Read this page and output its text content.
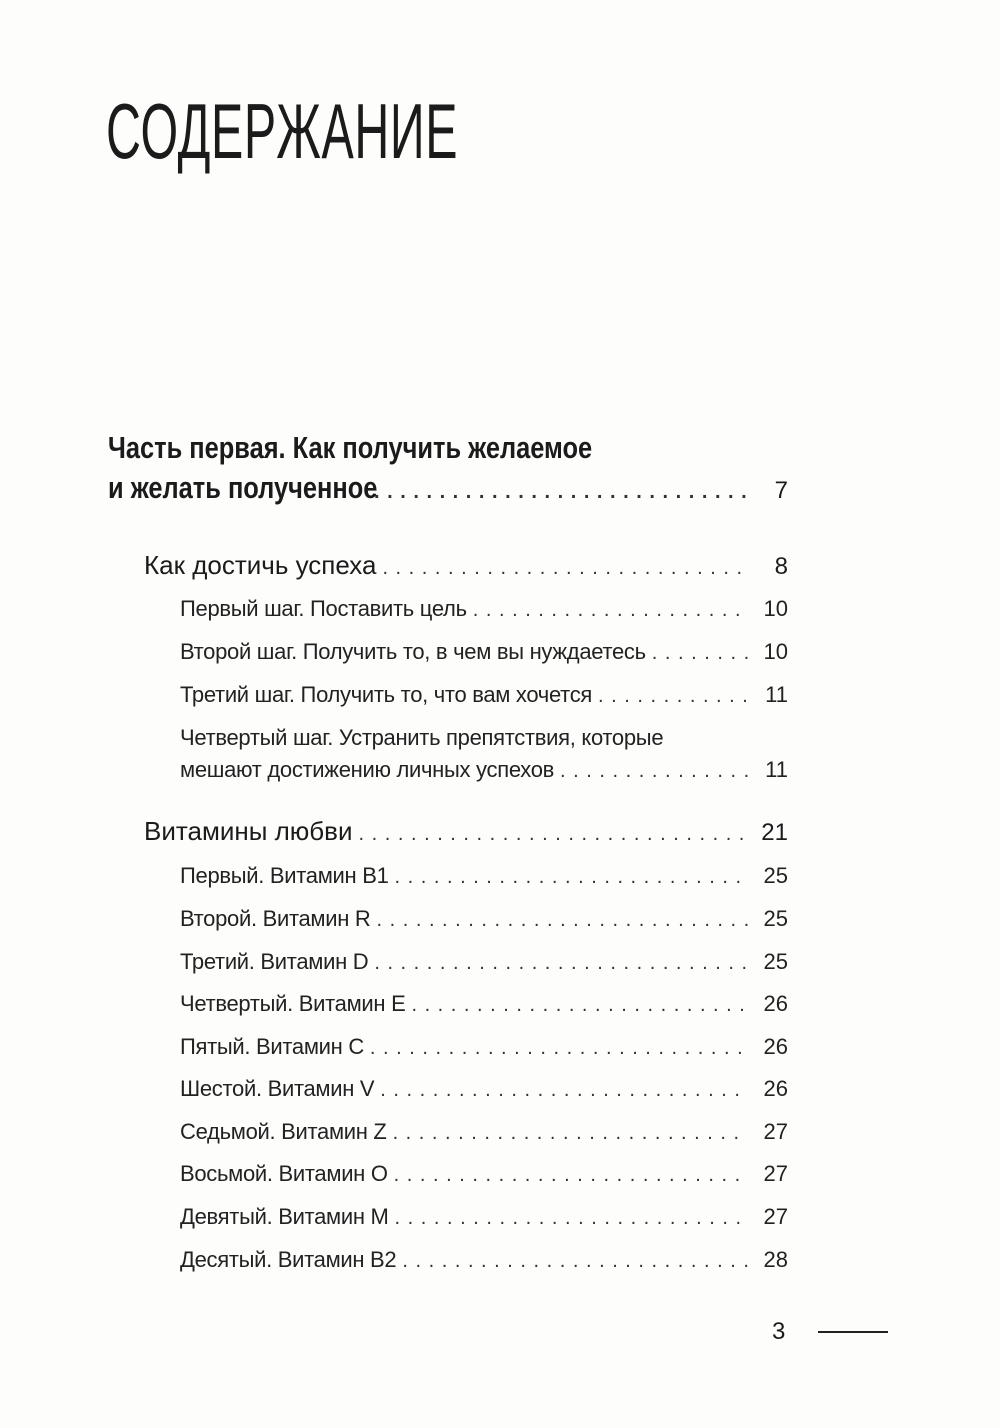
СОДЕРЖАНИЕ
Часть первая. Как получить желаемое
и желать полученное . . .	7
Как достичь успеха . . .	8
Первый шаг. Поставить цель . . .	10
Второй шаг. Получить то, в чем вы нуждаетесь . . .	10
Третий шаг. Получить то, что вам хочется . . .	11
Четвертый шаг. Устранить препятствия, которые
мешают достижению личных успехов . . .	11
Витамины любви . . .	21
Первый. Витамин B1 . . .	25
Второй. Витамин R . . .	25
Третий. Витамин D . . .	25
Четвертый. Витамин E . . .	26
Пятый. Витамин C . . .	26
Шестой. Витамин V . . .	26
Седьмой. Витамин Z . . .	27
Восьмой. Витамин O . . .	27
Девятый. Витамин M . . .	27
Десятый. Витамин B2 . . .	28
3
